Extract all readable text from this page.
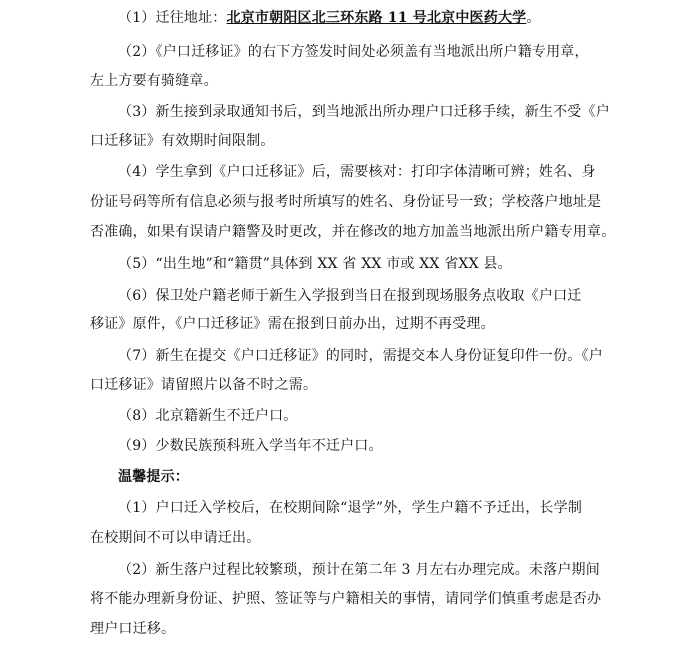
（1）迁往地址：北京市朝阳区北三环东路 11 号北京中医药大学。
（2）《户口迁移证》的右下方签发时间处必须盖有当地派出所户籍专用章，
左上方要有骑缝章。
（3）新生接到录取通知书后，到当地派出所办理户口迁移手续，新生不受《户
口迁移证》有效期时间限制。
（4）学生拿到《户口迁移证》后，需要核对：打印字体清晰可辨；姓名、身
份证号码等所有信息必须与报考时所填写的姓名、身份证号一致；学校落户地址是
否准确，如果有误请户籍警及时更改，并在修改的地方加盖当地派出所户籍专用章。
（5）“出生地”和“籍贯”具体到 XX 省 XX 市或 XX 省XX 县。
（6）保卫处户籍老师于新生入学报到当日在报到现场服务点收取《户口迁
移证》原件，《户口迁移证》需在报到日前办出，过期不再受理。
（7）新生在提交《户口迁移证》的同时，需提交本人身份证复印件一份。《户
口迁移证》请留照片以备不时之需。
（8）北京籍新生不迁户口。
（9）少数民族预科班入学当年不迁户口。
温馨提示：
（1）户口迁入学校后，在校期间除“退学”外，学生户籍不予迁出，长学制
在校期间不可以申请迁出。
（2）新生落户过程比较繁琐，预计在第二年 3 月左右办理完成。未落户期间
将不能办理新身份证、护照、签证等与户籍相关的事情，请同学们慎重考虑是否办
理户口迁移。
